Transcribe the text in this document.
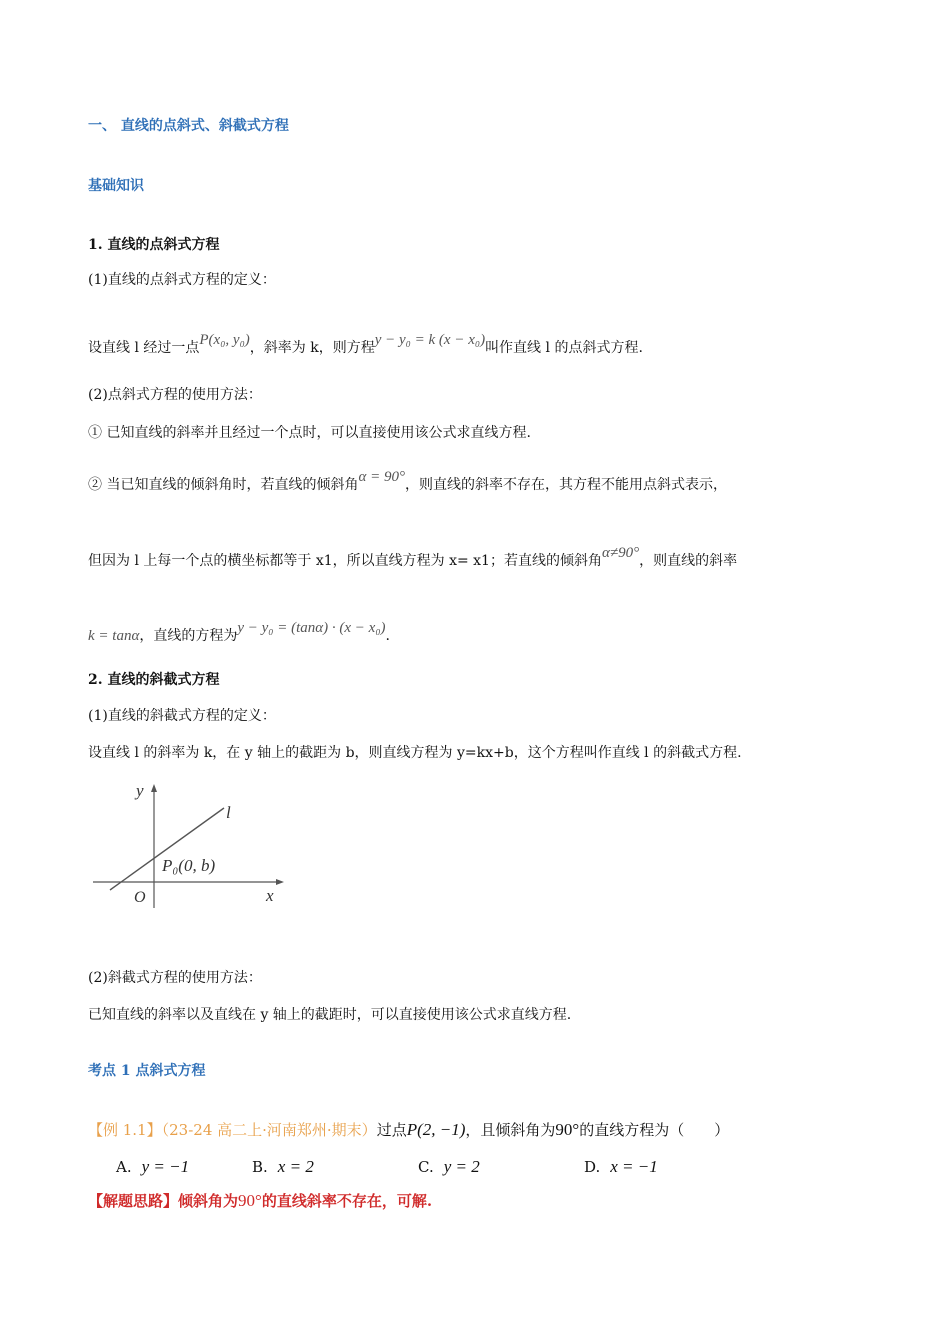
一、 直线的点斜式、斜截式方程
基础知识
1. 直线的点斜式方程
(1)直线的点斜式方程的定义：
设直线 l 经过一点P(x₀, y₀)，斜率为 k，则方程y − y₀ = k (x − x₀)叫作直线 l 的点斜式方程.
(2)点斜式方程的使用方法：
① 已知直线的斜率并且经过一个点时，可以直接使用该公式求直线方程.
② 当已知直线的倾斜角时，若直线的倾斜角α = 90°，则直线的斜率不存在，其方程不能用点斜式表示，
但因为 l 上每一个点的横坐标都等于 x1，所以直线方程为 x= x1；若直线的倾斜角α≠90°，则直线的斜率
k = tanα，直线的方程为y − y₀ = (tanα) · (x − x₀).
2. 直线的斜截式方程
(1)直线的斜截式方程的定义：
设直线 l 的斜率为 k，在 y 轴上的截距为 b，则直线方程为 y=kx+b，这个方程叫作直线 l 的斜截式方程.
y
x
O
l
P₀(0, b)
(2)斜截式方程的使用方法：
已知直线的斜率以及直线在 y 轴上的截距时，可以直接使用该公式求直线方程.
考点 1 点斜式方程
【例 1.1】（23-24 高二上·河南郑州·期末）过点P(2, −1)，且倾斜角为90°的直线方程为（　　）
A. y = −1	B. x = 2	C. y = 2	D. x = −1
【解题思路】倾斜角为90°的直线斜率不存在，可解.
